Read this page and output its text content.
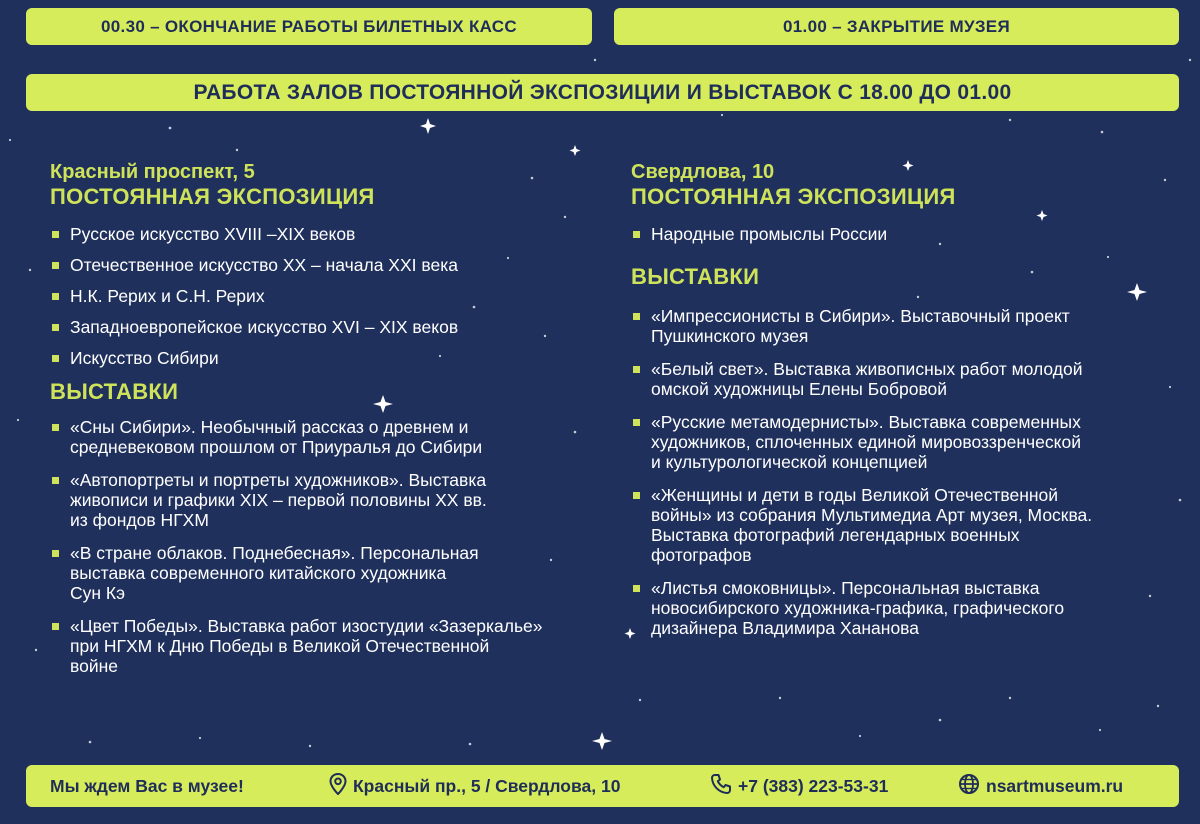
00.30 – ОКОНЧАНИЕ РАБОТЫ БИЛЕТНЫХ КАСС	01.00 – ЗАКРЫТИЕ МУЗЕЯ
РАБОТА ЗАЛОВ ПОСТОЯННОЙ ЭКСПОЗИЦИИ И ВЫСТАВОК С 18.00 ДО 01.00
Красный проспект, 5
ПОСТОЯННАЯ ЭКСПОЗИЦИЯ
Русское искусство XVIII –XIX веков
Отечественное искусство XX – начала XXI века
Н.К. Рерих и С.Н. Рерих
Западноевропейское искусство XVI – XIX веков
Искусство Сибири
ВЫСТАВКИ
«Сны Сибири». Необычный рассказ о древнем и
средневековом прошлом от Приуралья до Сибири
«Автопортреты и портреты художников». Выставка
живописи и графики XIX – первой половины XX вв.
из фондов НГХМ
«В стране облаков. Поднебесная». Персональная
выставка современного китайского художника
Сун Кэ
«Цвет Победы». Выставка работ изостудии «Зазеркалье»
при НГХМ к Дню Победы в Великой Отечественной
войне
Свердлова, 10
ПОСТОЯННАЯ ЭКСПОЗИЦИЯ
Народные промыслы России
ВЫСТАВКИ
«Импрессионисты в Сибири». Выставочный проект
Пушкинского музея
«Белый свет». Выставка живописных работ молодой
омской художницы Елены Бобровой
«Русские метамодернисты». Выставка современных
художников, сплоченных единой мировоззренческой
и культурологической концепцией
«Женщины и дети в годы Великой Отечественной
войны» из собрания Мультимедиа Арт музея, Москва.
Выставка фотографий легендарных военных
фотографов
«Листья смоковницы». Персональная выставка
новосибирского художника-графика, графического
дизайнера Владимира Хананова
Мы ждем Вас в музее!	Красный пр., 5 / Свердлова, 10	+7 (383) 223-53-31	nsartmuseum.ru
